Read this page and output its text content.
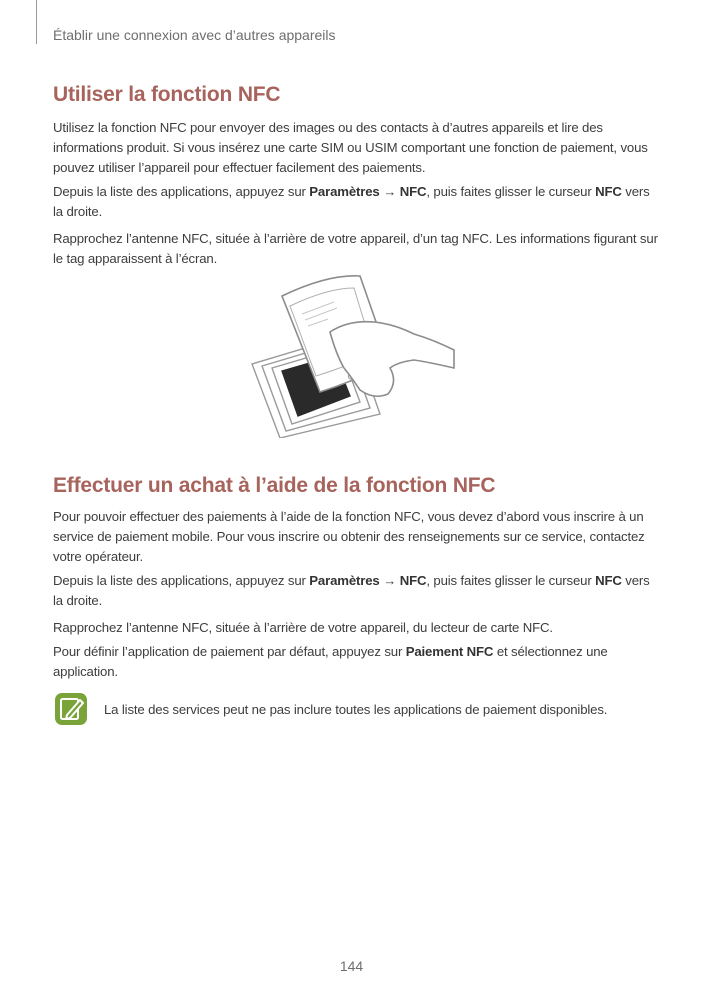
Établir une connexion avec d’autres appareils
Utiliser la fonction NFC

Utilisez la fonction NFC pour envoyer des images ou des contacts à d’autres appareils et lire des informations produit. Si vous insérez une carte SIM ou USIM comportant une fonction de paiement, vous pouvez utiliser l’appareil pour effectuer facilement des paiements.

Depuis la liste des applications, appuyez sur Paramètres → NFC, puis faites glisser le curseur NFC vers la droite.

Rapprochez l’antenne NFC, située à l’arrière de votre appareil, d’un tag NFC. Les informations figurant sur le tag apparaissent à l’écran.

Effectuer un achat à l’aide de la fonction NFC

Pour pouvoir effectuer des paiements à l’aide de la fonction NFC, vous devez d’abord vous inscrire à un service de paiement mobile. Pour vous inscrire ou obtenir des renseignements sur ce service, contactez votre opérateur.

Depuis la liste des applications, appuyez sur Paramètres → NFC, puis faites glisser le curseur NFC vers la droite.

Rapprochez l’antenne NFC, située à l’arrière de votre appareil, du lecteur de carte NFC.

Pour définir l’application de paiement par défaut, appuyez sur Paiement NFC et sélectionnez une application.

La liste des services peut ne pas inclure toutes les applications de paiement disponibles.
144
